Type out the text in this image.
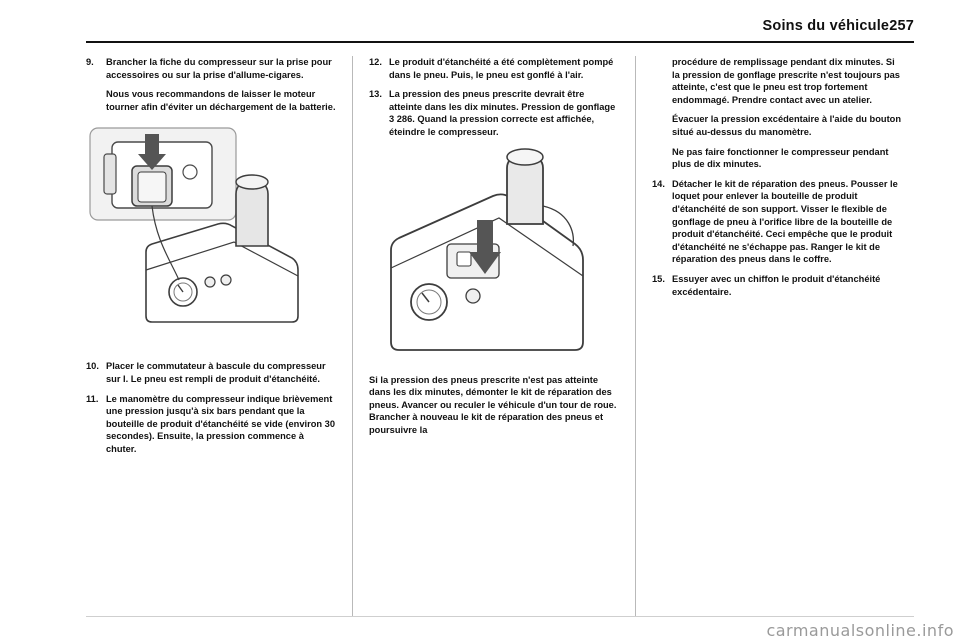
Soins du véhicule257
9.	Brancher la fiche du compresseur sur la prise pour accessoires ou sur la prise d'allume-cigares.

Nous vous recommandons de laisser le moteur tourner afin d'éviter un déchargement de la batterie.

10. Placer le commutateur à bascule du compresseur sur I. Le pneu est rempli de produit d'étanchéité.
11. Le manomètre du compresseur indique brièvement une pression jusqu'à six bars pendant que la bouteille de produit d'étanchéité se vide (environ 30 secondes). Ensuite, la pression commence à chuter.
12. Le produit d'étanchéité a été complètement pompé dans le pneu. Puis, le pneu est gonflé à l'air.
13. La pression des pneus prescrite devrait être atteinte dans les dix minutes. Pression de gonflage 3 286. Quand la pression correcte est affichée, éteindre le compresseur.

Si la pression des pneus prescrite n'est pas atteinte dans les dix minutes, démonter le kit de réparation des pneus. Avancer ou reculer le véhicule d'un tour de roue. Brancher à nouveau le kit de réparation des pneus et poursuivre la

procédure de remplissage pendant dix minutes. Si la pression de gonflage prescrite n'est toujours pas atteinte, c'est que le pneu est trop fortement endommagé. Prendre contact avec un atelier.

Évacuer la pression excédentaire à l'aide du bouton situé au-dessus du manomètre.

Ne pas faire fonctionner le compresseur pendant plus de dix minutes.

14. Détacher le kit de réparation des pneus. Pousser le loquet pour enlever la bouteille de produit d'étanchéité de son support. Visser le flexible de gonflage de pneu à l'orifice libre de la bouteille de produit d'étanchéité. Ceci empêche que le produit d'étanchéité ne s'échappe pas. Ranger le kit de réparation des pneus dans le coffre.
15. Essuyer avec un chiffon le produit d'étanchéité excédentaire.
carmanualsonline.info
